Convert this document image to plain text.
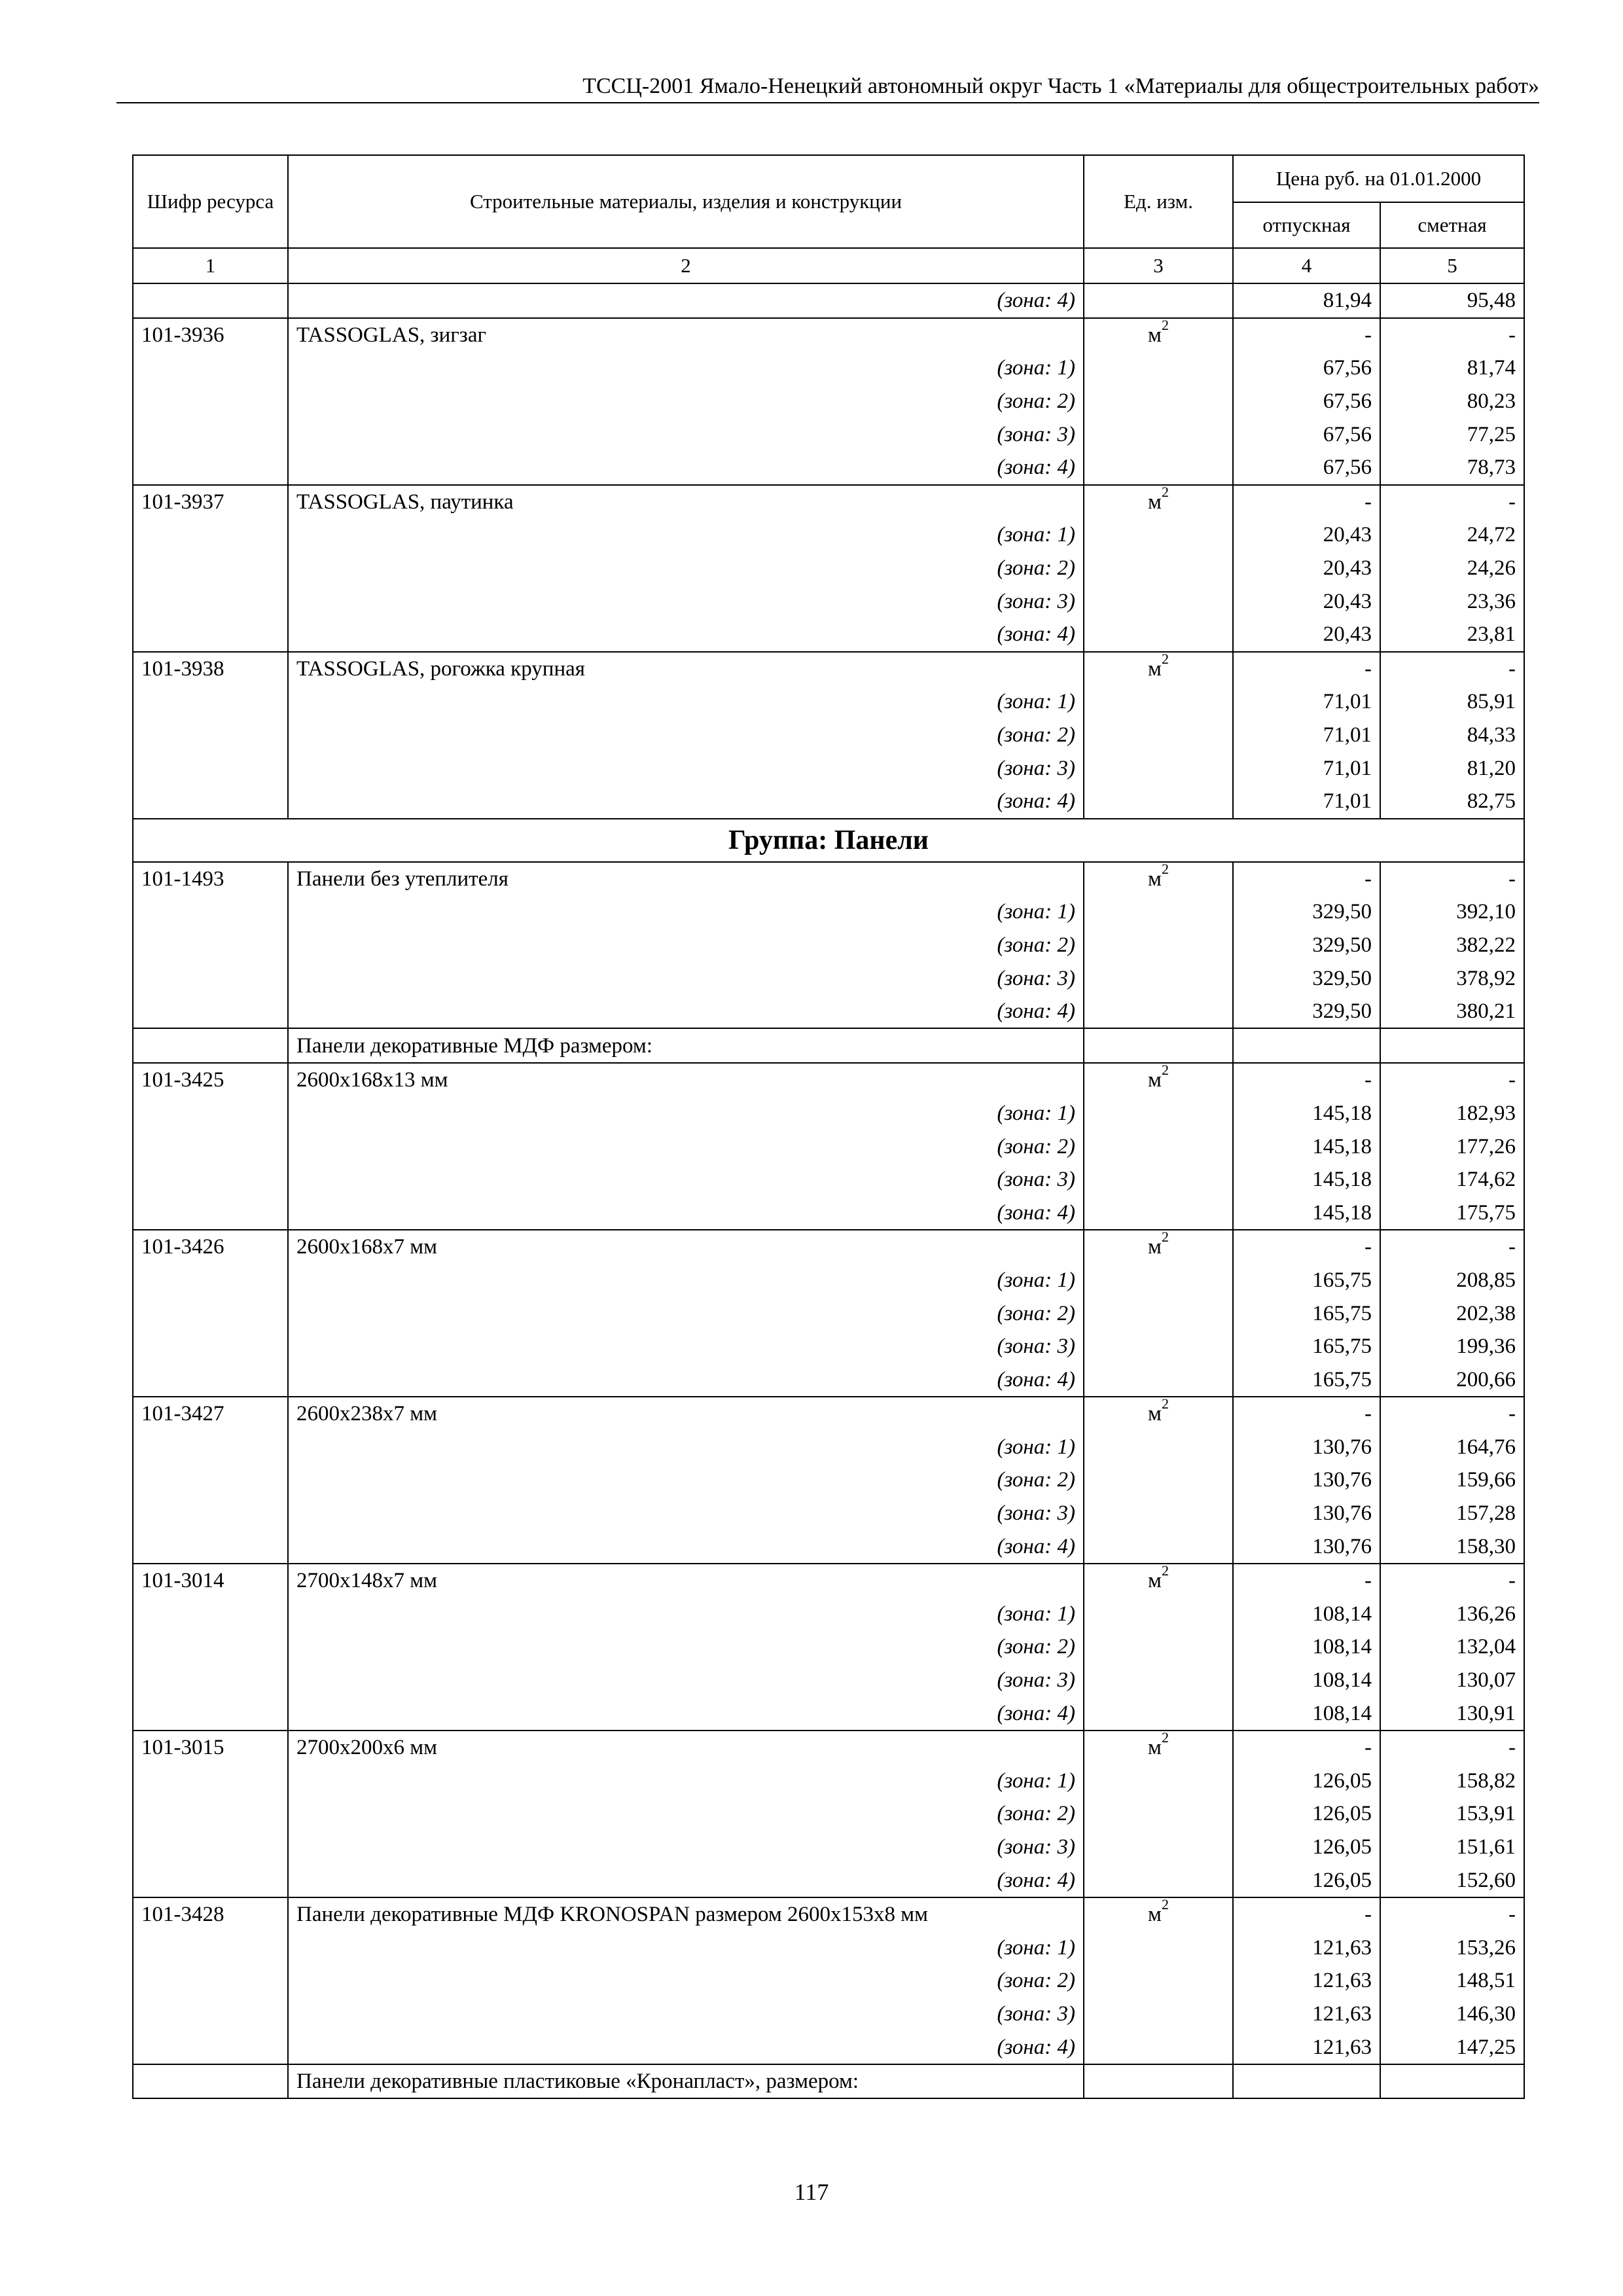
ТССЦ-2001 Ямало-Ненецкий автономный округ Часть 1 «Материалы для общестроительных работ»
Шифр ресурса	Строительные материалы, изделия и конструкции	Ед. изм.	Цена руб. на 01.01.2000	
			отпускная	сметная
1	2	3	4	5
	(зона: 4)		81,94	95,48
101-3936	TASSOGLAS, зигзаг	$м^2$	-	-
	(зона: 1)		67,56	81,74
	(зона: 2)		67,56	80,23
	(зона: 3)		67,56	77,25
	(зона: 4)		67,56	78,73
101-3937	TASSOGLAS, паутинка	$м^2$	-	-
	(зона: 1)		20,43	24,72
	(зона: 2)		20,43	24,26
	(зона: 3)		20,43	23,36
	(зона: 4)		20,43	23,81
101-3938	TASSOGLAS, рогожка крупная	$м^2$	-	-
	(зона: 1)		71,01	85,91
	(зона: 2)		71,01	84,33
	(зона: 3)		71,01	81,20
	(зона: 4)		71,01	82,75
Группа: Панели				
101-1493	Панели без утеплителя	$м^2$	-	-
	(зона: 1)		329,50	392,10
	(зона: 2)		329,50	382,22
	(зона: 3)		329,50	378,92
	(зона: 4)		329,50	380,21
	Панели декоративные МДФ размером:			
101-3425	2600х168х13 мм	$м^2$	-	-
	(зона: 1)		145,18	182,93
	(зона: 2)		145,18	177,26
	(зона: 3)		145,18	174,62
	(зона: 4)		145,18	175,75
101-3426	2600х168х7 мм	$м^2$	-	-
	(зона: 1)		165,75	208,85
	(зона: 2)		165,75	202,38
	(зона: 3)		165,75	199,36
	(зона: 4)		165,75	200,66
101-3427	2600х238х7 мм	$м^2$	-	-
	(зона: 1)		130,76	164,76
	(зона: 2)		130,76	159,66
	(зона: 3)		130,76	157,28
	(зона: 4)		130,76	158,30
101-3014	2700х148х7 мм	$м^2$	-	-
	(зона: 1)		108,14	136,26
	(зона: 2)		108,14	132,04
	(зона: 3)		108,14	130,07
	(зона: 4)		108,14	130,91
101-3015	2700х200х6 мм	$м^2$	-	-
	(зона: 1)		126,05	158,82
	(зона: 2)		126,05	153,91
	(зона: 3)		126,05	151,61
	(зона: 4)		126,05	152,60
101-3428	Панели декоративные МДФ KRONOSPAN размером 2600х153х8 мм	$м^2$	-	-
	(зона: 1)		121,63	153,26
	(зона: 2)		121,63	148,51
	(зона: 3)		121,63	146,30
	(зона: 4)		121,63	147,25
	Панели декоративные пластиковые «Кронапласт», размером:			
117
